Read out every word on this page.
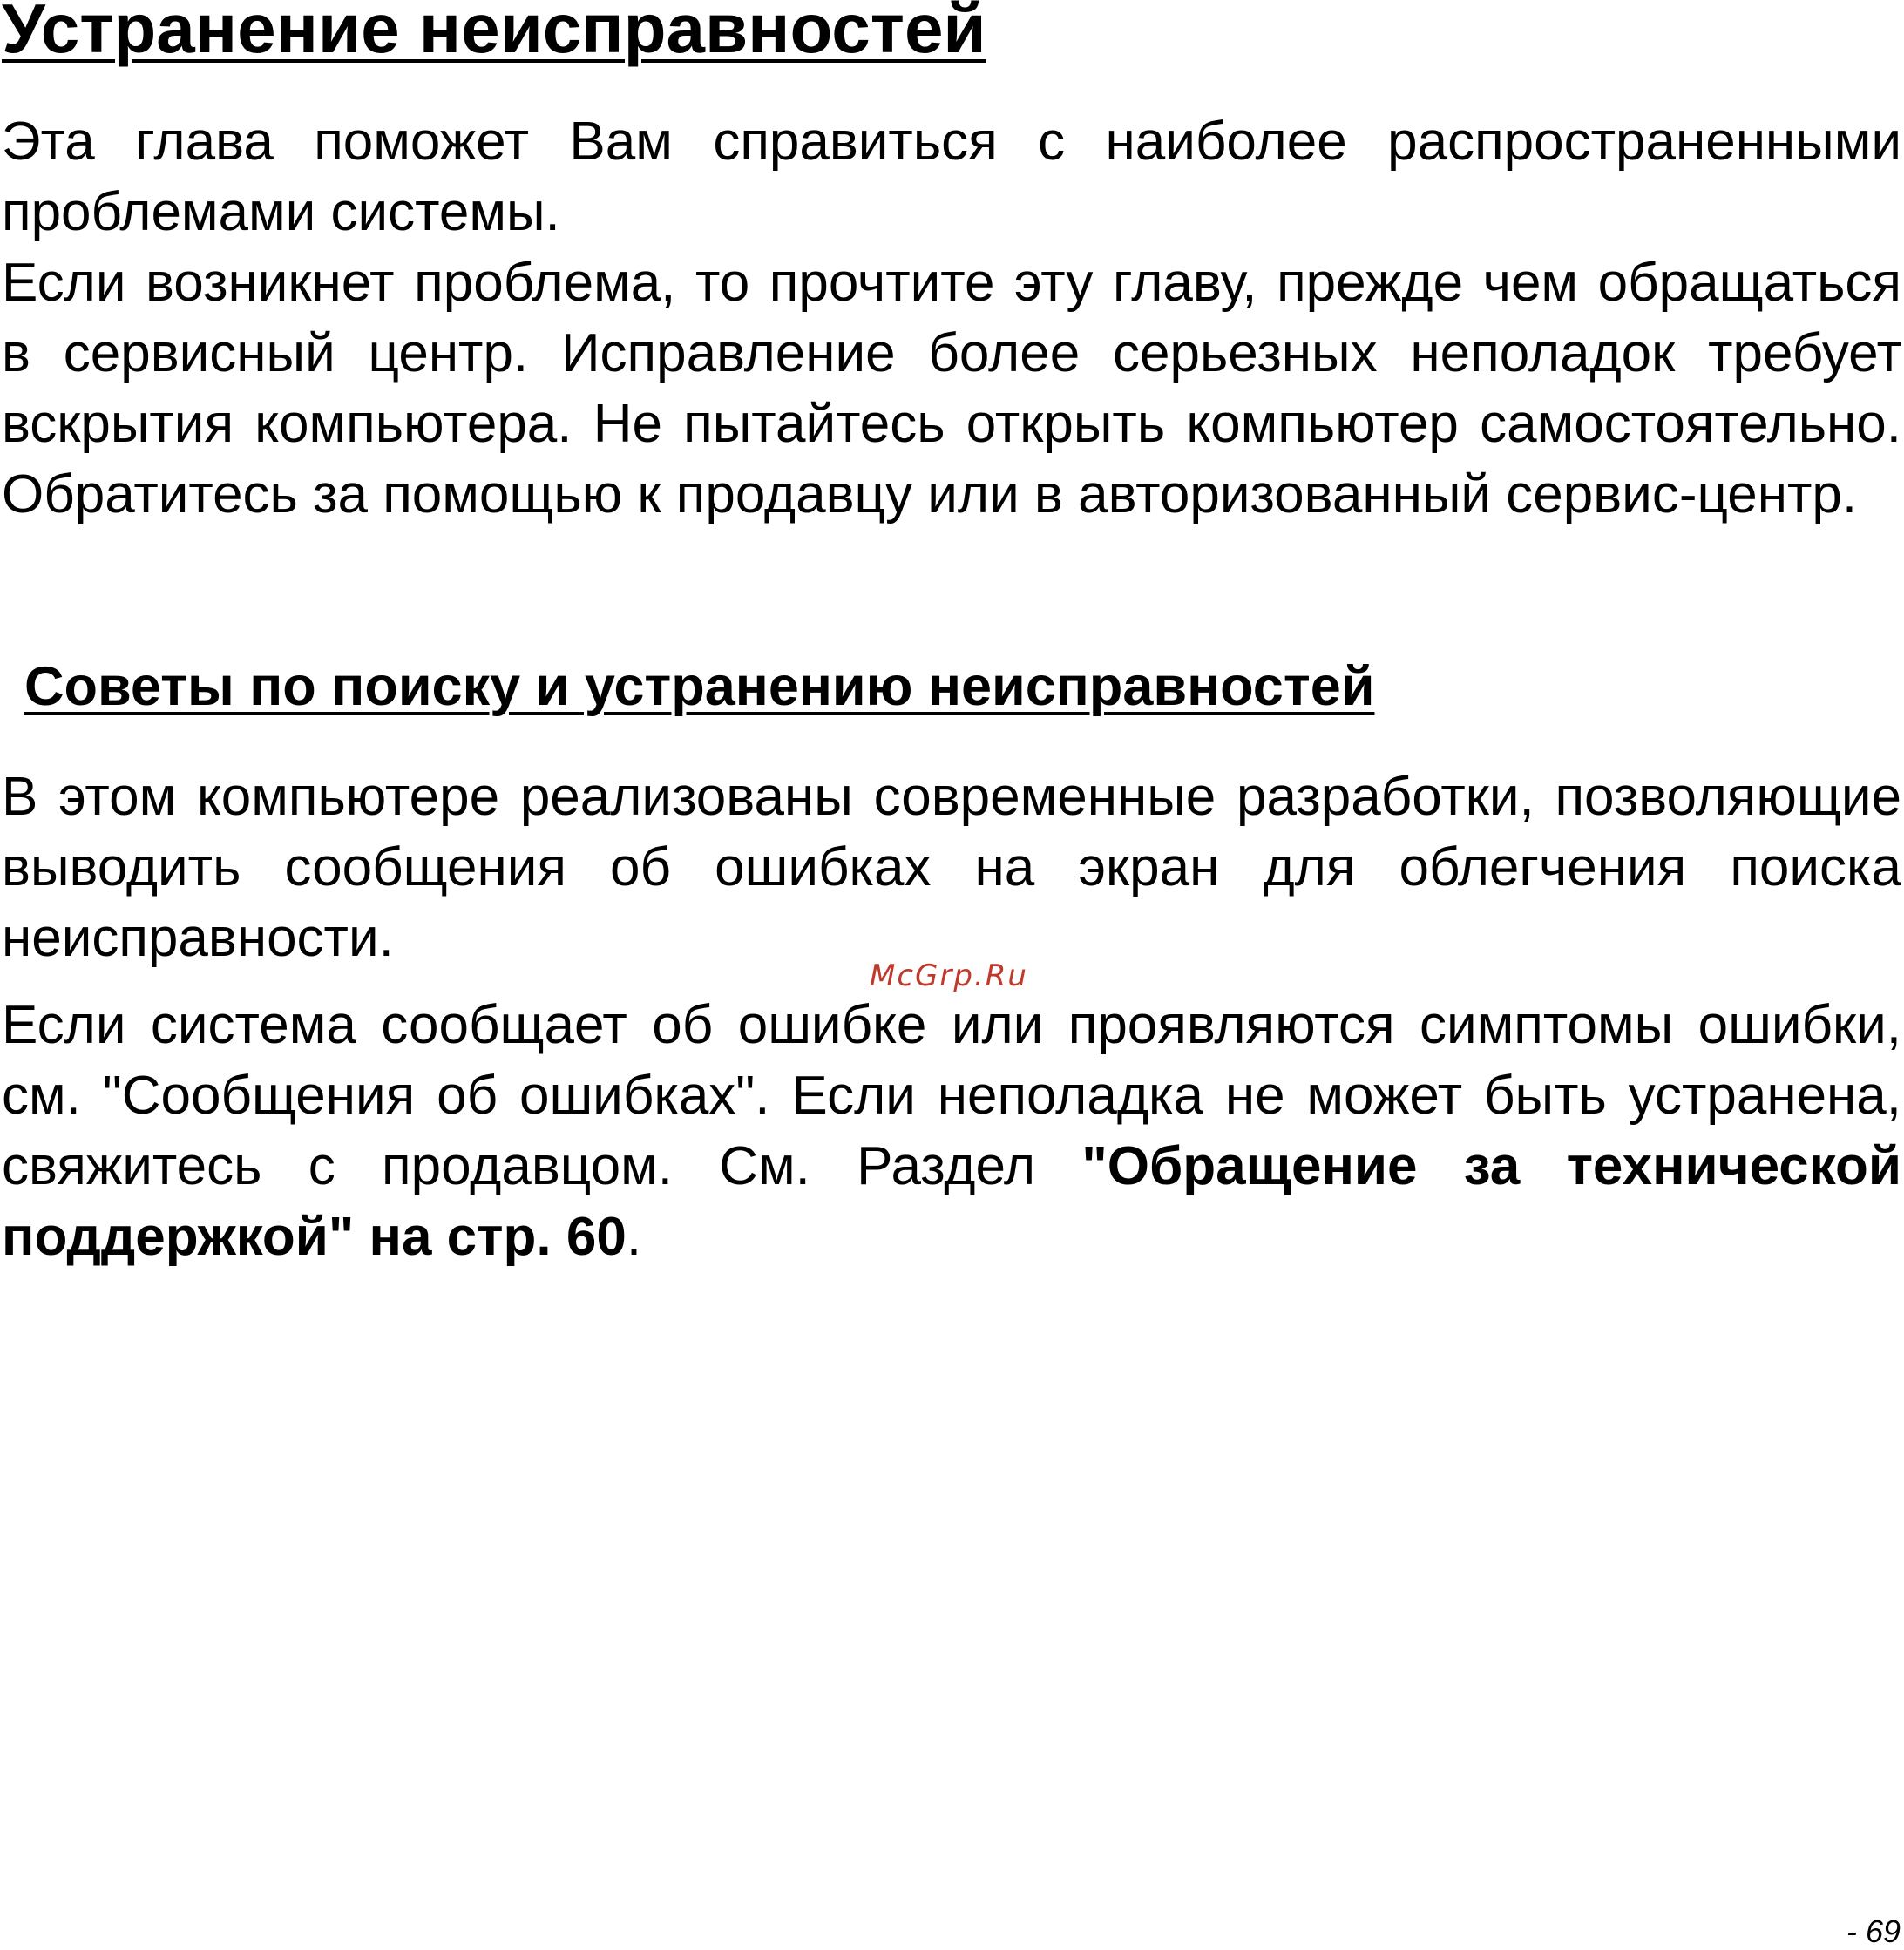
Устранение неисправностей

Эта глава поможет Вам справиться с наиболее распространенными проблемами системы.

Если возникнет проблема, то прочтите эту главу, прежде чем обращаться в сервисный центр. Исправление более серьезных неполадок требует вскрытия компьютера. Не пытайтесь открыть компьютер самостоятельно. Обратитесь за помощью к продавцу или в авторизованный сервис-центр.

Советы по поиску и устранению неисправностей

В этом компьютере реализованы современные разработки, позволяющие выводить сообщения об ошибках на экран для облегчения поиска неисправности.

McGrp.Ru

Если система сообщает об ошибке или проявляются симптомы ошибки, см. "Сообщения об ошибках". Если неполадка не может быть устранена, свяжитесь с продавцом. См. Раздел "Обращение за технической поддержкой" на стр. 60.

- 69
